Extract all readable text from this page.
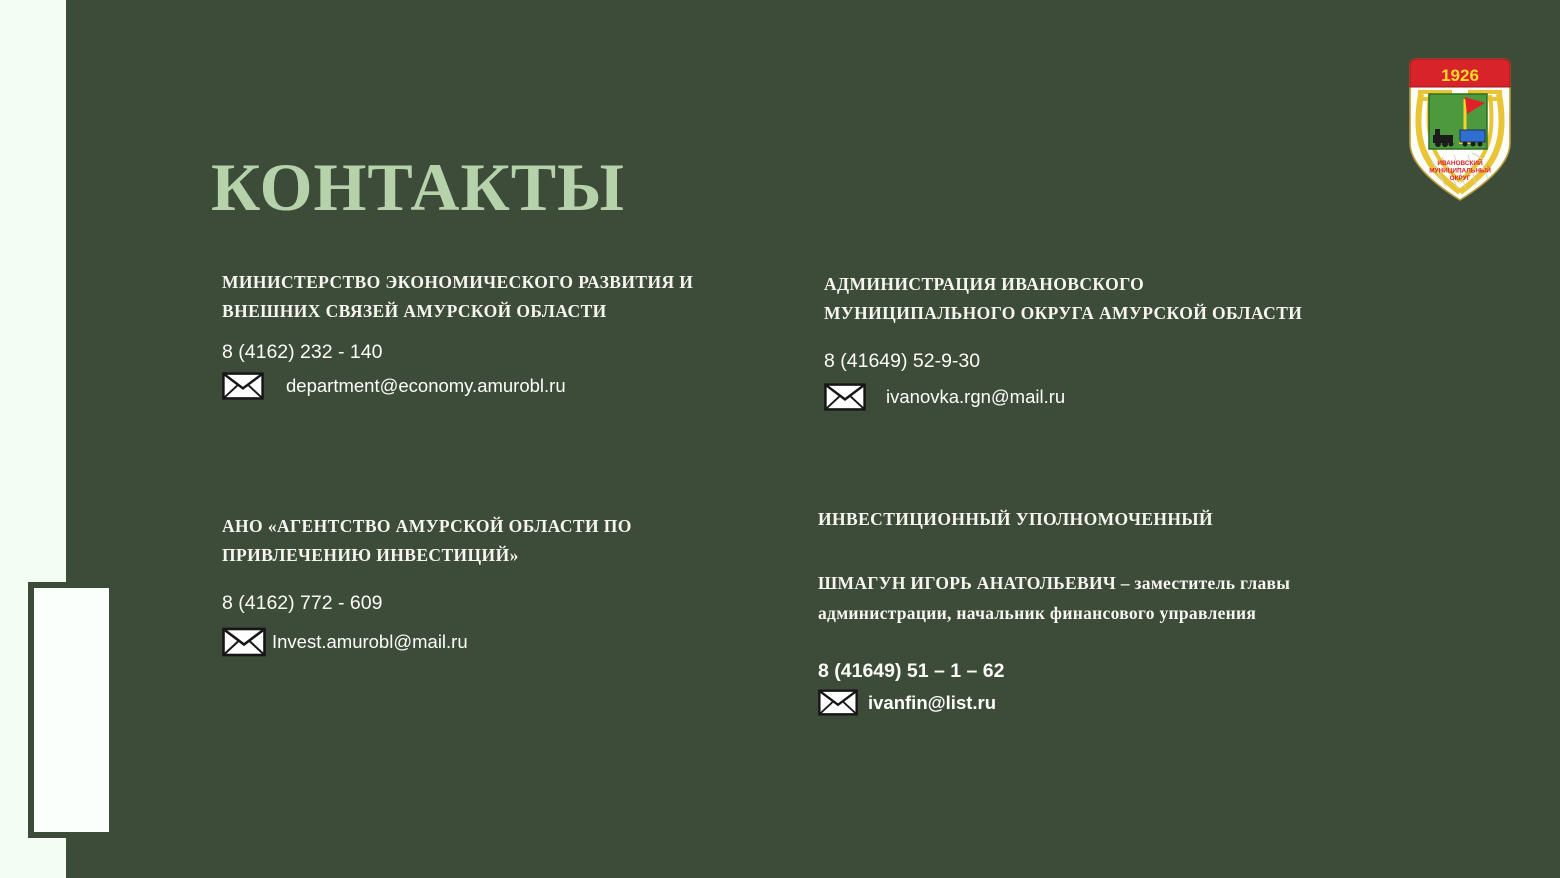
КОНТАКТЫ
1926
ИВАНОВСКИЙ
МУНИЦИПАЛЬНЫЙ
ОКРУГ
МИНИСТЕРСТВО ЭКОНОМИЧЕСКОГО РАЗВИТИЯ И
ВНЕШНИХ СВЯЗЕЙ АМУРСКОЙ ОБЛАСТИ
8 (4162) 232 - 140
department@economy.amurobl.ru
АДМИНИСТРАЦИЯ ИВАНОВСКОГО
МУНИЦИПАЛЬНОГО ОКРУГА АМУРСКОЙ ОБЛАСТИ
8 (41649) 52-9-30
ivanovka.rgn@mail.ru
АНО «АГЕНТСТВО АМУРСКОЙ ОБЛАСТИ ПО
ПРИВЛЕЧЕНИЮ ИНВЕСТИЦИЙ»
8 (4162) 772 - 609
Invest.amurobl@mail.ru
ИНВЕСТИЦИОННЫЙ УПОЛНОМОЧЕННЫЙ
ШМАГУН ИГОРЬ АНАТОЛЬЕВИЧ – заместитель главы
администрации, начальник финансового управления
8 (41649) 51 – 1 – 62
ivanfin@list.ru
